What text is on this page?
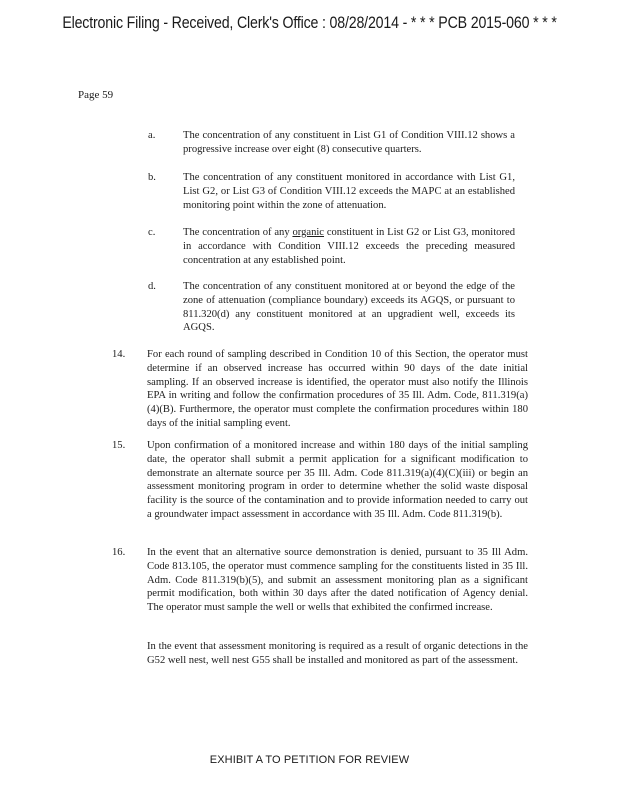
Electronic Filing - Received, Clerk's Office : 08/28/2014 - * * * PCB 2015-060 * * *
Page 59
a.	The concentration of any constituent in List G1 of Condition VIII.12 shows a progressive increase over eight (8) consecutive quarters.
b.	The concentration of any constituent monitored in accordance with List G1, List G2, or List G3 of Condition VIII.12 exceeds the MAPC at an established monitoring point within the zone of attenuation.
c.	The concentration of any organic constituent in List G2 or List G3, monitored in accordance with Condition VIII.12 exceeds the preceding measured concentration at any established point.
d.	The concentration of any constituent monitored at or beyond the edge of the zone of attenuation (compliance boundary) exceeds its AGQS, or pursuant to 811.320(d) any constituent monitored at an upgradient well, exceeds its AGQS.
14. For each round of sampling described in Condition 10 of this Section, the operator must determine if an observed increase has occurred within 90 days of the date initial sampling. If an observed increase is identified, the operator must also notify the Illinois EPA in writing and follow the confirmation procedures of 35 Ill. Adm. Code, 811.319(a)(4)(B). Furthermore, the operator must complete the confirmation procedures within 180 days of the initial sampling event.
15. Upon confirmation of a monitored increase and within 180 days of the initial sampling date, the operator shall submit a permit application for a significant modification to demonstrate an alternate source per 35 Ill. Adm. Code 811.319(a)(4)(C)(iii) or begin an assessment monitoring program in order to determine whether the solid waste disposal facility is the source of the contamination and to provide information needed to carry out a groundwater impact assessment in accordance with 35 Ill. Adm. Code 811.319(b).
16. In the event that an alternative source demonstration is denied, pursuant to 35 Ill Adm. Code 813.105, the operator must commence sampling for the constituents listed in 35 Ill. Adm. Code 811.319(b)(5), and submit an assessment monitoring plan as a significant permit modification, both within 30 days after the dated notification of Agency denial. The operator must sample the well or wells that exhibited the confirmed increase.
In the event that assessment monitoring is required as a result of organic detections in the G52 well nest, well nest G55 shall be installed and monitored as part of the assessment.
EXHIBIT A TO PETITION FOR REVIEW
